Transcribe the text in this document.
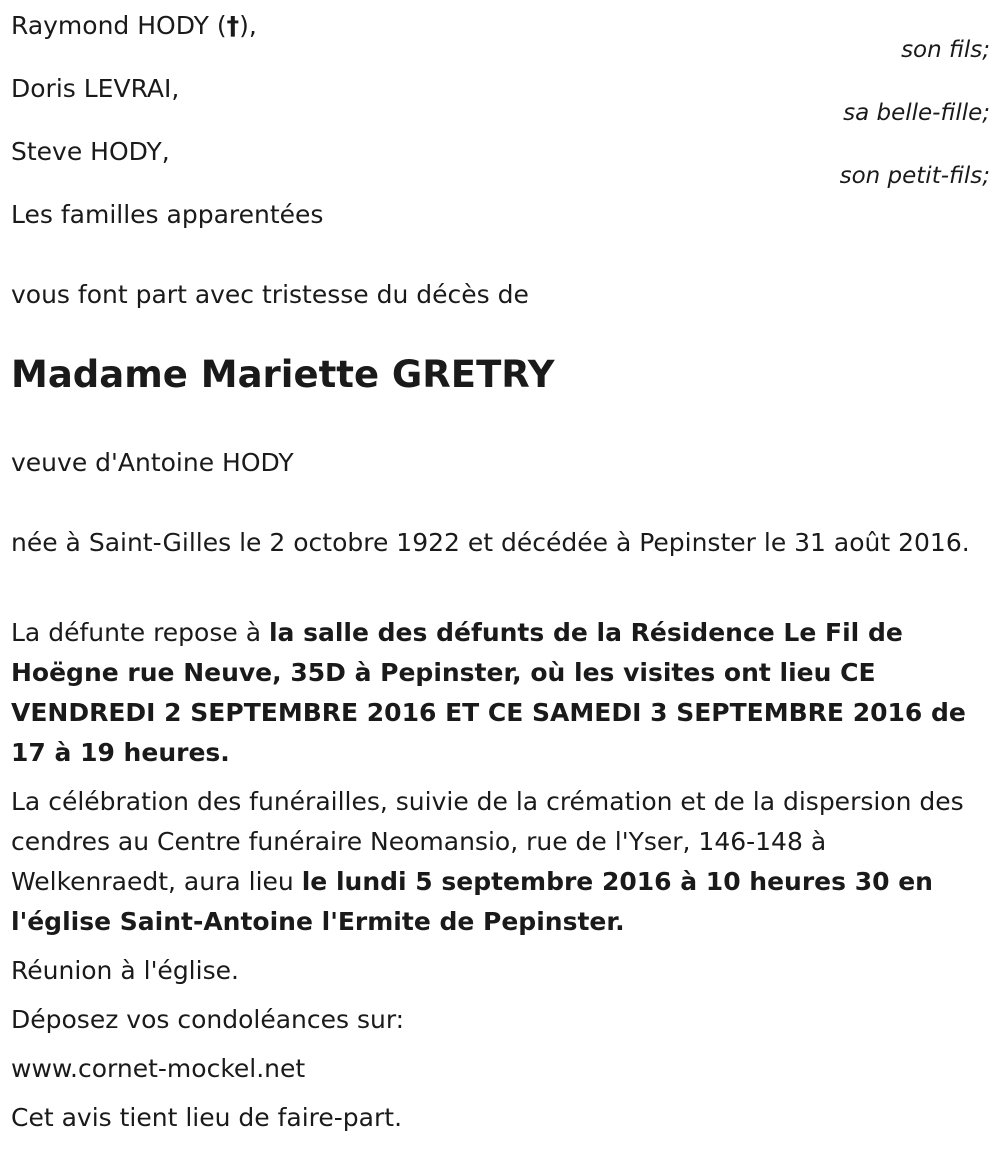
Raymond HODY (†),
son fils;
Doris LEVRAI,
sa belle-fille;
Steve HODY,
son petit-fils;
Les familles apparentées
vous font part avec tristesse du décès de
Madame Mariette GRETRY
veuve d'Antoine HODY
née à Saint-Gilles le 2 octobre 1922 et décédée à Pepinster le 31 août 2016.

La défunte repose à la salle des défunts de la Résidence Le Fil de Hoëgne rue Neuve, 35D à Pepinster, où les visites ont lieu CE VENDREDI 2 SEPTEMBRE 2016 ET CE SAMEDI 3 SEPTEMBRE 2016 de 17 à 19 heures.

La célébration des funérailles, suivie de la crémation et de la dispersion des cendres au Centre funéraire Neomansio, rue de l'Yser, 146-148 à Welkenraedt, aura lieu le lundi 5 septembre 2016 à 10 heures 30 en l'église Saint-Antoine l'Ermite de Pepinster.

Réunion à l'église.

Déposez vos condoléances sur:

www.cornet-mockel.net

Cet avis tient lieu de faire-part.
